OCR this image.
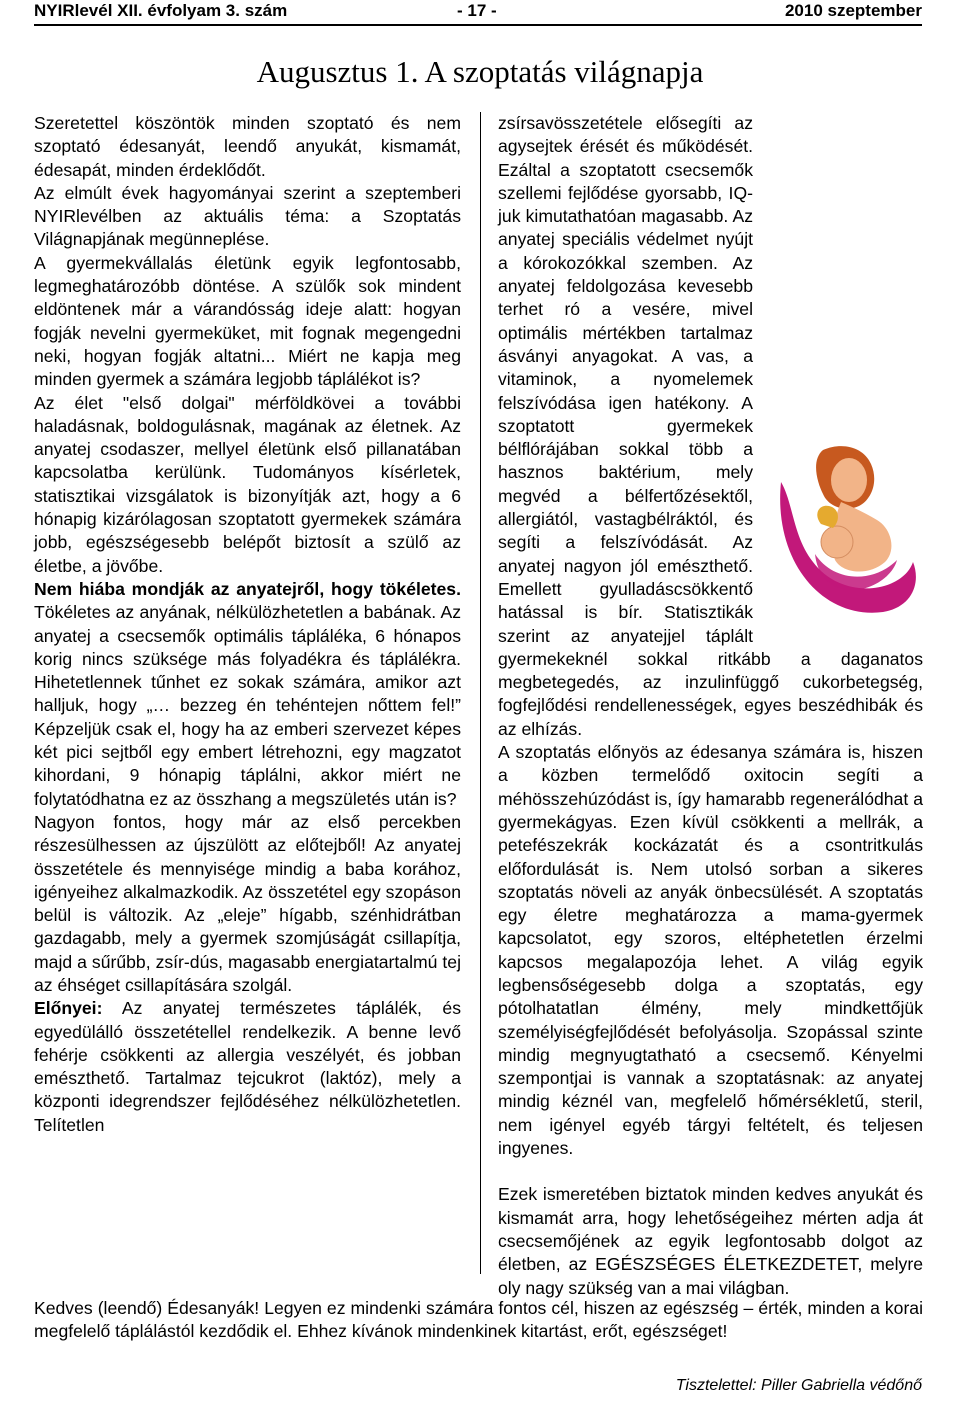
NYIRlevél XII. évfolyam 3. szám	- 17 -	2010 szeptember
Augusztus 1. A szoptatás világnapja

Szeretettel köszöntök minden szoptató és nem szoptató édesanyát, leendő anyukát, kismamát, édesapát, minden érdeklődőt.

Az elmúlt évek hagyományai szerint a szeptemberi NYIRlevélben az aktuális téma: a Szoptatás Világnapjának megünneplése.

A gyermekvállalás életünk egyik legfontosabb, legmeghatározóbb döntése. A szülők sok mindent eldöntenek már a várandósság ideje alatt: hogyan fogják nevelni gyermeküket, mit fognak megengedni neki, hogyan fogják altatni... Miért ne kapja meg minden gyermek a számára legjobb táplálékot is?

Az élet "első dolgai" mérföldkövei a további haladásnak, boldogulásnak, magának az életnek. Az anyatej csodaszer, mellyel életünk első pillanatában kapcsolatba kerülünk. Tudományos kísérletek, statisztikai vizsgálatok is bizonyítják azt, hogy a 6 hónapig kizárólagosan szoptatott gyermekek számára jobb, egészségesebb belépőt biztosít a szülő az életbe, a jövőbe.

Nem hiába mondják az anyatejről, hogy tökéletes. Tökéletes az anyának, nélkülözhetetlen a babának. Az anyatej a csecsemők optimális tápláléka, 6 hónapos korig nincs szüksége más folyadékra és táplálékra. Hihetetlennek tűnhet ez sokak számára, amikor azt halljuk, hogy „… bezzeg én tehéntejen nőttem fel!” Képzeljük csak el, hogy ha az emberi szervezet képes két pici sejtből egy embert létrehozni, egy magzatot kihordani, 9 hónapig táplálni, akkor miért ne folytatódhatna ez az összhang a megszületés után is?

Nagyon fontos, hogy már az első percekben részesülhessen az újszülött az előtejből! Az anyatej összetétele és mennyisége mindig a baba korához, igényeihez alkalmazkodik. Az összetétel egy szopáson belül is változik. Az „eleje” hígabb, szénhidrátban gazdagabb, mely a gyermek szomjúságát csillapítja, majd a sűrűbb, zsír-dús, magasabb energiatartalmú tej az éhséget csillapítására szolgál.

Előnyei: Az anyatej természetes táplálék, és egyedülálló összetétellel rendelkezik. A benne levő fehérje csökkenti az allergia veszélyét, és jobban emészthető. Tartalmaz tejcukrot (laktóz), mely a központi idegrendszer fejlődéséhez nélkülözhetetlen. Telítetlen

zsírsavösszetétele elősegíti az agysejtek érését és működését. Ezáltal a szoptatott csecsemők szellemi fejlődése gyorsabb, IQ-juk kimutathatóan magasabb. Az anyatej speciális védelmet nyújt a kórokozókkal szemben. Az anyatej feldolgozása kevesebb terhet ró a vesére, mivel optimális mértékben tartalmaz ásványi anyagokat. A vas, a vitaminok, a nyomelemek felszívódása igen hatékony. A szoptatott gyermekek bélflórájában sokkal több a hasznos baktérium, mely megvéd a bélfertőzésektől, allergiától, vastagbélráktól, és segíti a felszívódását. Az anyatej nagyon jól emészthető. Emellett gyulladáscsökkentő hatással is bír. Statisztikák szerint az anyatejjel táplált gyermekeknél sokkal ritkább a daganatos megbetegedés, az inzulinfüggő cukorbetegség, fogfejlődési rendellenességek, egyes beszédhibák és az elhízás.

A szoptatás előnyös az édesanya számára is, hiszen a közben termelődő oxitocin segíti a méhösszehúzódást is, így hamarabb regenerálódhat a gyermekágyas. Ezen kívül csökkenti a mellrák, a petefészekrák kockázatát és a csontritkulás előfordulását is. Nem utolsó sorban a sikeres szoptatás növeli az anyák önbecsülését. A szoptatás egy életre meghatározza a mama-gyermek kapcsolatot, egy szoros, eltéphetetlen érzelmi kapcsos megalapozója lehet. A világ egyik legbensőségesebb dolga a szoptatás, egy pótolhatatlan élmény, mely mindkettőjük személyiségfejlődését befolyásolja. Szopással szinte mindig megnyugtatható a csecsemő. Kényelmi szempontjai is vannak a szoptatásnak: az anyatej mindig kéznél van, megfelelő hőmérsékletű, steril, nem igényel egyéb tárgyi feltételt, és teljesen ingyenes.

Ezek ismeretében biztatok minden kedves anyukát és kismamát arra, hogy lehetőségeihez mérten adja át csecsemőjének az egyik legfontosabb dolgot az életben, az EGÉSZSÉGES ÉLETKEZDETET, melyre oly nagy szükség van a mai világban.

Kedves (leendő) Édesanyák! Legyen ez mindenki számára fontos cél, hiszen az egészség – érték, minden a korai megfelelő táplálástól kezdődik el. Ehhez kívánok mindenkinek kitartást, erőt, egészséget!
Tisztelettel: Piller Gabriella védőnő
